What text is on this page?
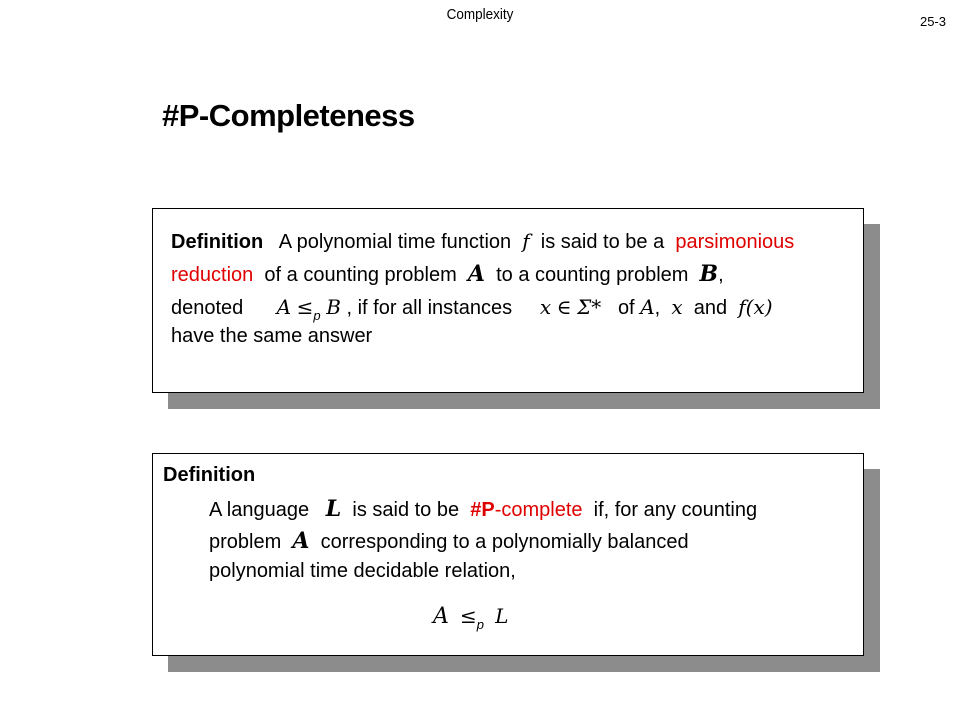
Complexity	25-3
#P-Completeness
Definition A polynomial time function f is said to be a parsimonious
reduction of a counting problem A to a counting problem B,
denoted $A \le_p$ B , if for all instances x ∈ Σ* of A, x and f(x)
have the same answer
Definition
A language L is said to be #P-complete if, for any counting
problem A corresponding to a polynomially balanced
polynomial time decidable relation,
$A \le_p$ L
